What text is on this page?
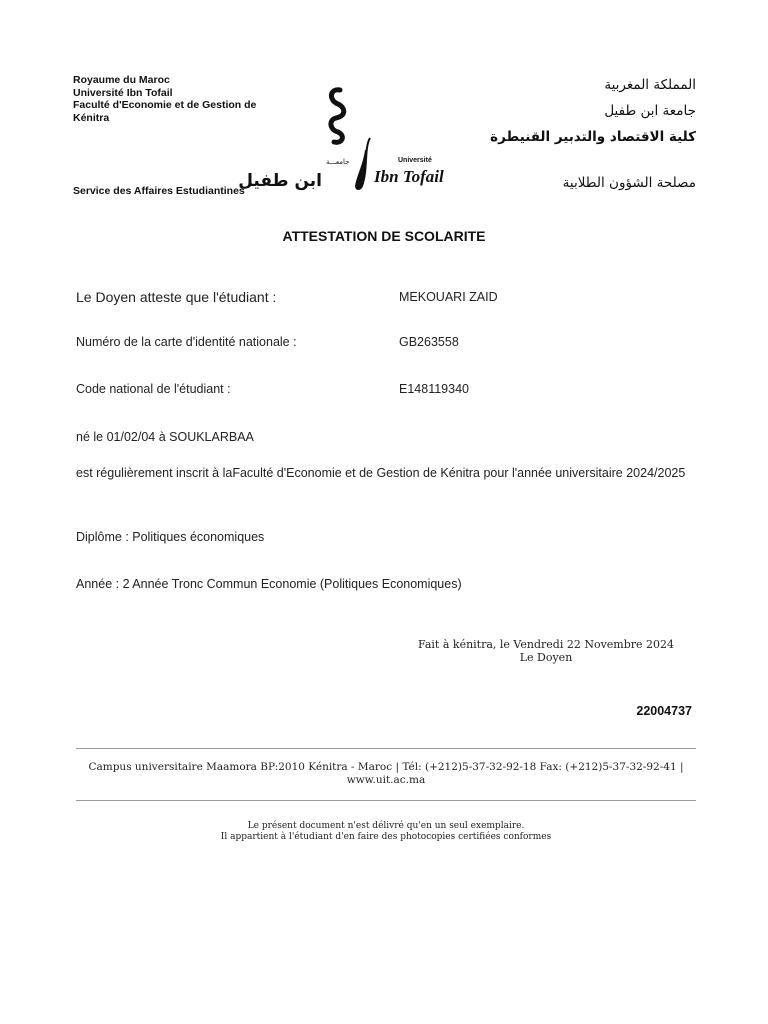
Royaume du Maroc
Université Ibn Tofail
Faculté d'Economie et de Gestion de
Kénitra
Service des Affaires Estudiantines
جامعـــة
ابن طفيل
Université
Ibn Tofail
المملكة المغربية
جامعة ابن طفيل
كلية الاقتصاد والتدبير القنيطرة
مصلحة الشؤون الطلابية
ATTESTATION DE SCOLARITE
Le Doyen atteste que l'étudiant :	MEKOUARI ZAID
Numéro de la carte d'identité nationale :	GB263558
Code national de l'étudiant :	E148119340
né le 01/02/04 à SOUKLARBAA
est régulièrement inscrit à laFaculté d'Economie et de Gestion de Kénitra pour l'année universitaire 2024/2025
Diplôme : Politiques économiques
Année : 2 Année Tronc Commun Economie (Politiques Economiques)
Fait à kénitra, le Vendredi 22 Novembre 2024
Le Doyen
22004737
Campus universitaire Maamora BP:2010 Kénitra - Maroc | Tél: (+212)5-37-32-92-18 Fax: (+212)5-37-32-92-41 | www.uit.ac.ma
Le présent document n'est délivré qu'en un seul exemplaire.
Il appartient à l'étudiant d'en faire des photocopies certifiées conformes
